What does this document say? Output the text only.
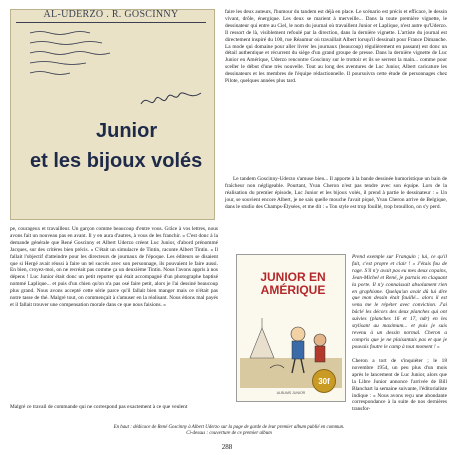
AL-UDERZO . R. GOSCINNY
Junior
et les bijoux volés

faire les deux auteurs, l'humour du tandem est déjà en place. Le scénario est précis et efficace, le dessin vivant, drôle, énergique. Les deux se marient à merveille... Dans la toute première vignette, le dessinateur qui entre au Ciel, le nom du journal où travaillent Junior et Laplique, n'est autre qu'Uderzo. Il ressort de là, visiblement refoulé par la direction, dans la dernière vignette. L'artiste du journal est directement inspiré du 100, rue Réaumur où travaillait Albert lorsqu'il dessinait pour France Dimanche. La mode qui domaine pour aller livrer les journaux (beaucoup) régulièrement en passant) est donc un détail authentique et récurrent du siège d'un grand groupe de presse. Dans la dernière vignette de Luc Junior en Amérique, Uderzo rencontre Goscinny sur le trottoir et ils se serrent la main... comme pour sceller le début d'une très nouvelle. Tout au long des aventures de Luc Junior, Albert caricature les dessinateurs et les membres de l'équipe rédactionnelle. Il poursuivra cette étude de personnages chez Pilote, quelques années plus tard.

Le tandem Goscinny-Uderzo s'amuse bien... Il apporte à la bande dessinée humoristique un bain de fraîcheur non négligeable. Pourtant, Yvan Cheron n'est pas tendre avec son équipe. Lors de la réalisation du premier épisode, Luc Junior et les bijoux volés, il prend à partie le dessinateur : « Un jour, se souvient encore Albert, je ne sais quelle mouche l'avait piqué, Yvan Cheron arrive de Belgique, dans le studio des Champs-Élysées, et me dit : « Ton style est trop fouillé, trop brouillon, on s'y perd.

Prend exemple sur Franquin ; lui, ce qu'il fait, c'est propre et clair ! » J'étais fou de rage. S'il n'y avait pas eu mes deux copains, Jean-Michel et René, je partais en claquant la porte. Il n'y connaissait absolument rien en graphisme. Quelqu'un avait dû lui dire que mon dessin était fouillé... alors il est venu me le répéter avec conviction. J'ai bâclé les décors des deux planches qui ont suivies (planches 16 et 17, ndr) en les stylisant au maximum... et puis je suis revenu à un dessin normal. Cheron a compris que je ne plaisantais pas et que je pouvais foutre le camp à tout moment ! »

Cheron a tort de s'inquiéter ; le 18 novembre 1954, un peu plus d'un mois après le lancement de Luc Junior, alors que la Libre Junior annonce l'arrivée de Bill Blanchart la semaine suivante, l'éditorialiste indique : « Nous avons reçu une abondante correspondance à la suite de nos dernières transfor-

pe, courageux et travailleur. Un garçon comme beaucoup d'entre vous. Grâce à vos lettres, nous avons fait un nouveau pas en avant. Il y en aura d'autres, à vous de les franchir. » C'est donc à la demande générale que René Goscinny et Albert Uderzo créent Luc Junior, d'abord prénommé Jacques, sur des critères bien précis. « C'était un simulacre de Tintin, raconte Albert Tintin. « Il fallait l'objectif d'atteindre pour les directeurs de journaux de l'époque. Les éditeurs se disaient que si Hergé avait réussi à faire un tel succès avec son personnage, ils pouvaient le faire aussi. En bien, croyez-moi, on ne recréait pas comme ça un deuxième Tintin. Nous l'avons appris à nos dépens ! Luc Junior était donc un petit reporter qui était accompagné d'un photographe baptisé nommé Laplique... et puis d'un chien qu'on n'a pas osé faire petit, alors je l'ai dessiné beaucoup plus grand. Nous avons accepté cette série parce qu'il fallait bien manger mais ce n'était pas notre tasse de thé. Malgré tout, on commençait à s'amuser en la réalisant. Nous étions mal payés et il fallait trouver une compensation morale dans ce que nous faisions. »

Malgré ce travail de commande qui ne correspond pas exactement à ce que veulent

JUNIOR EN
AMÉRIQUE
30f
ALBUMS JUNIOR
En haut : dédicace de René Goscinny à Albert Uderzo sur la page de garde de leur premier album publié en commun.
Ci-dessus : couverture de ce premier album
288
